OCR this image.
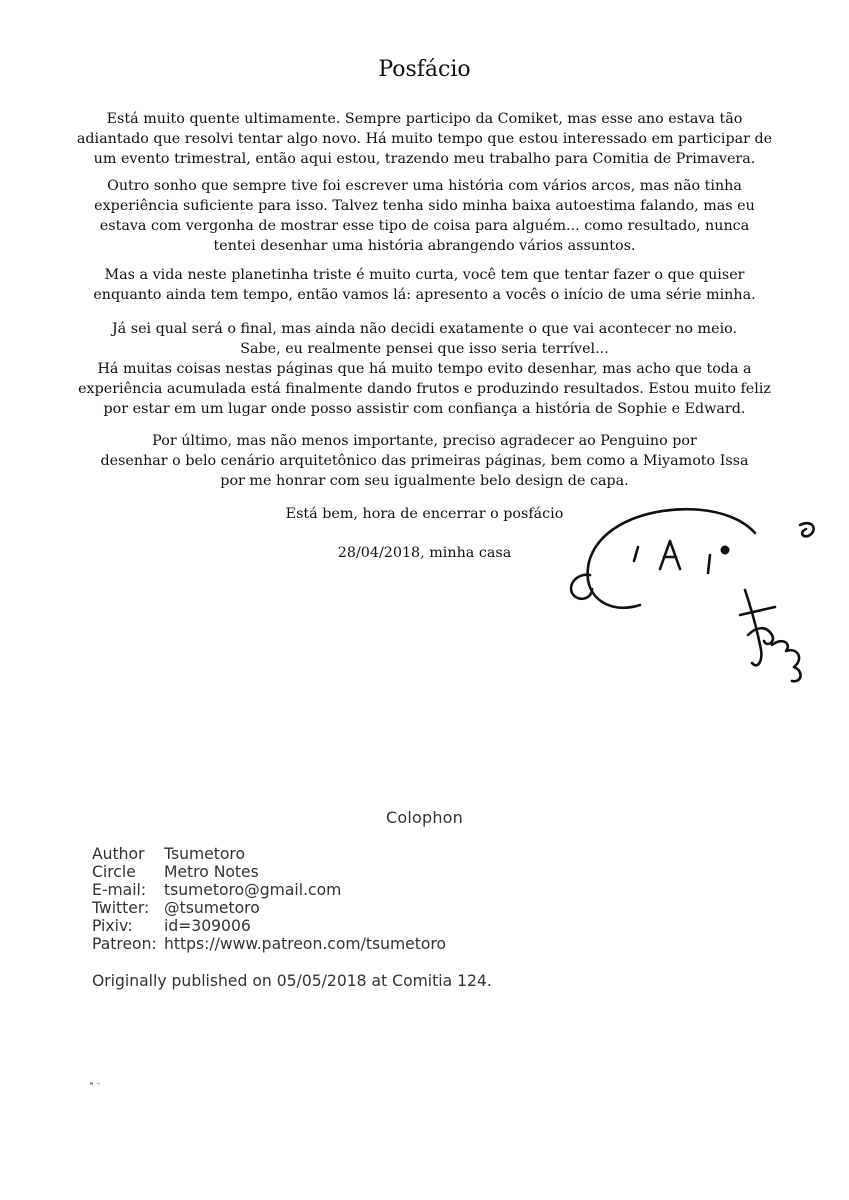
Posfácio
Está muito quente ultimamente. Sempre participo da Comiket, mas esse ano estava tão
adiantado que resolvi tentar algo novo. Há muito tempo que estou interessado em participar de
um evento trimestral, então aqui estou, trazendo meu trabalho para Comitia de Primavera.
Outro sonho que sempre tive foi escrever uma história com vários arcos, mas não tinha
experiência suficiente para isso. Talvez tenha sido minha baixa autoestima falando, mas eu
estava com vergonha de mostrar esse tipo de coisa para alguém... como resultado, nunca
tentei desenhar uma história abrangendo vários assuntos.
Mas a vida neste planetinha triste é muito curta, você tem que tentar fazer o que quiser
enquanto ainda tem tempo, então vamos lá: apresento a vocês o início de uma série minha.
Já sei qual será o final, mas ainda não decidi exatamente o que vai acontecer no meio.
Sabe, eu realmente pensei que isso seria terrível...
Há muitas coisas nestas páginas que há muito tempo evito desenhar, mas acho que toda a
experiência acumulada está finalmente dando frutos e produzindo resultados. Estou muito feliz
por estar em um lugar onde posso assistir com confiança a história de Sophie e Edward.
Por último, mas não menos importante, preciso agradecer ao Penguino por
desenhar o belo cenário arquitetônico das primeiras páginas, bem como a Miyamoto Issa
por me honrar com seu igualmente belo design de capa.
Está bem, hora de encerrar o posfácio
28/04/2018, minha casa
Colophon
Author	Tsumetoro
Circle	Metro Notes
E-mail:	tsumetoro@gmail.com
Twitter: @tsumetoro
Pixiv:	id=309006
Patreon: https://www.patreon.com/tsumetoro
Originally published on 05/05/2018 at Comitia 124.
